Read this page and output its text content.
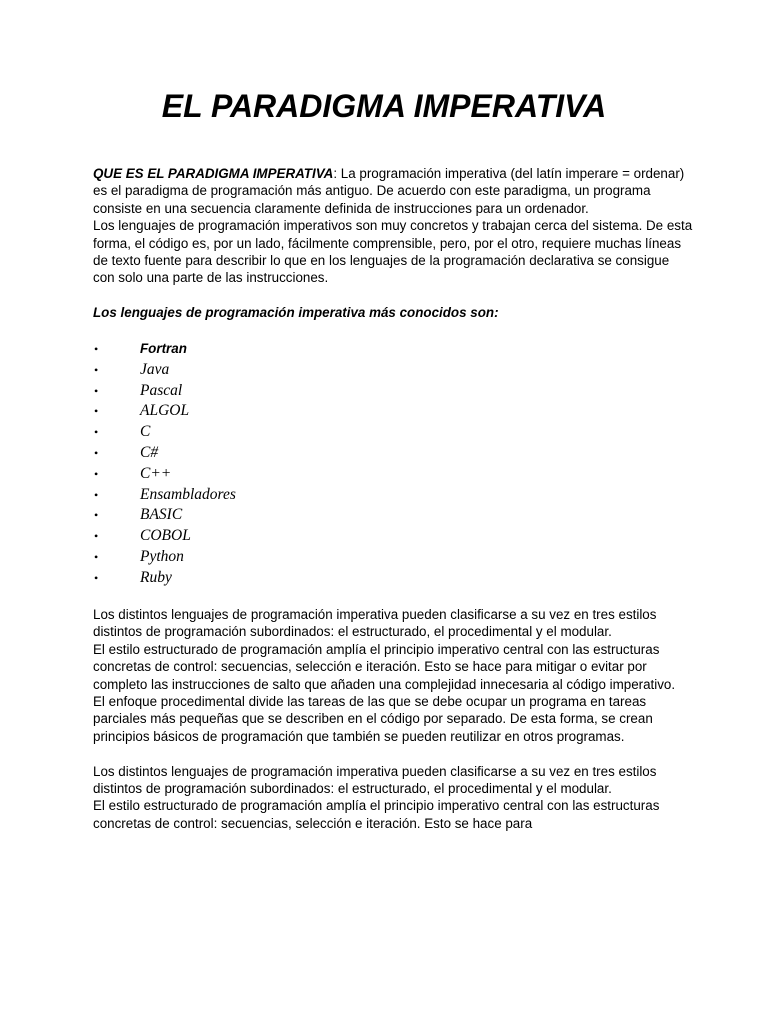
EL PARADIGMA IMPERATIVA

QUE ES EL PARADIGMA IMPERATIVA: La programación imperativa (del latín imperare = ordenar) es el paradigma de programación más antiguo. De acuerdo con este paradigma, un programa consiste en una secuencia claramente definida de instrucciones para un ordenador.

Los lenguajes de programación imperativos son muy concretos y trabajan cerca del sistema. De esta forma, el código es, por un lado, fácilmente comprensible, pero, por el otro, requiere muchas líneas de texto fuente para describir lo que en los lenguajes de la programación declarativa se consigue con solo una parte de las instrucciones.

Los lenguajes de programación imperativa más conocidos son:

•	Fortran
•	Java
•	Pascal
•	ALGOL
•	C
•	C#
•	C++
•	Ensambladores
•	BASIC
•	COBOL
•	Python
•	Ruby

Los distintos lenguajes de programación imperativa pueden clasificarse a su vez en tres estilos distintos de programación subordinados: el estructurado, el procedimental y el modular.

El estilo estructurado de programación amplía el principio imperativo central con las estructuras concretas de control: secuencias, selección e iteración. Esto se hace para mitigar o evitar por completo las instrucciones de salto que añaden una complejidad innecesaria al código imperativo.

El enfoque procedimental divide las tareas de las que se debe ocupar un programa en tareas parciales más pequeñas que se describen en el código por separado. De esta forma, se crean principios básicos de programación que también se pueden reutilizar en otros programas.

Los distintos lenguajes de programación imperativa pueden clasificarse a su vez en tres estilos distintos de programación subordinados: el estructurado, el procedimental y el modular.

El estilo estructurado de programación amplía el principio imperativo central con las estructuras concretas de control: secuencias, selección e iteración. Esto se hace para
